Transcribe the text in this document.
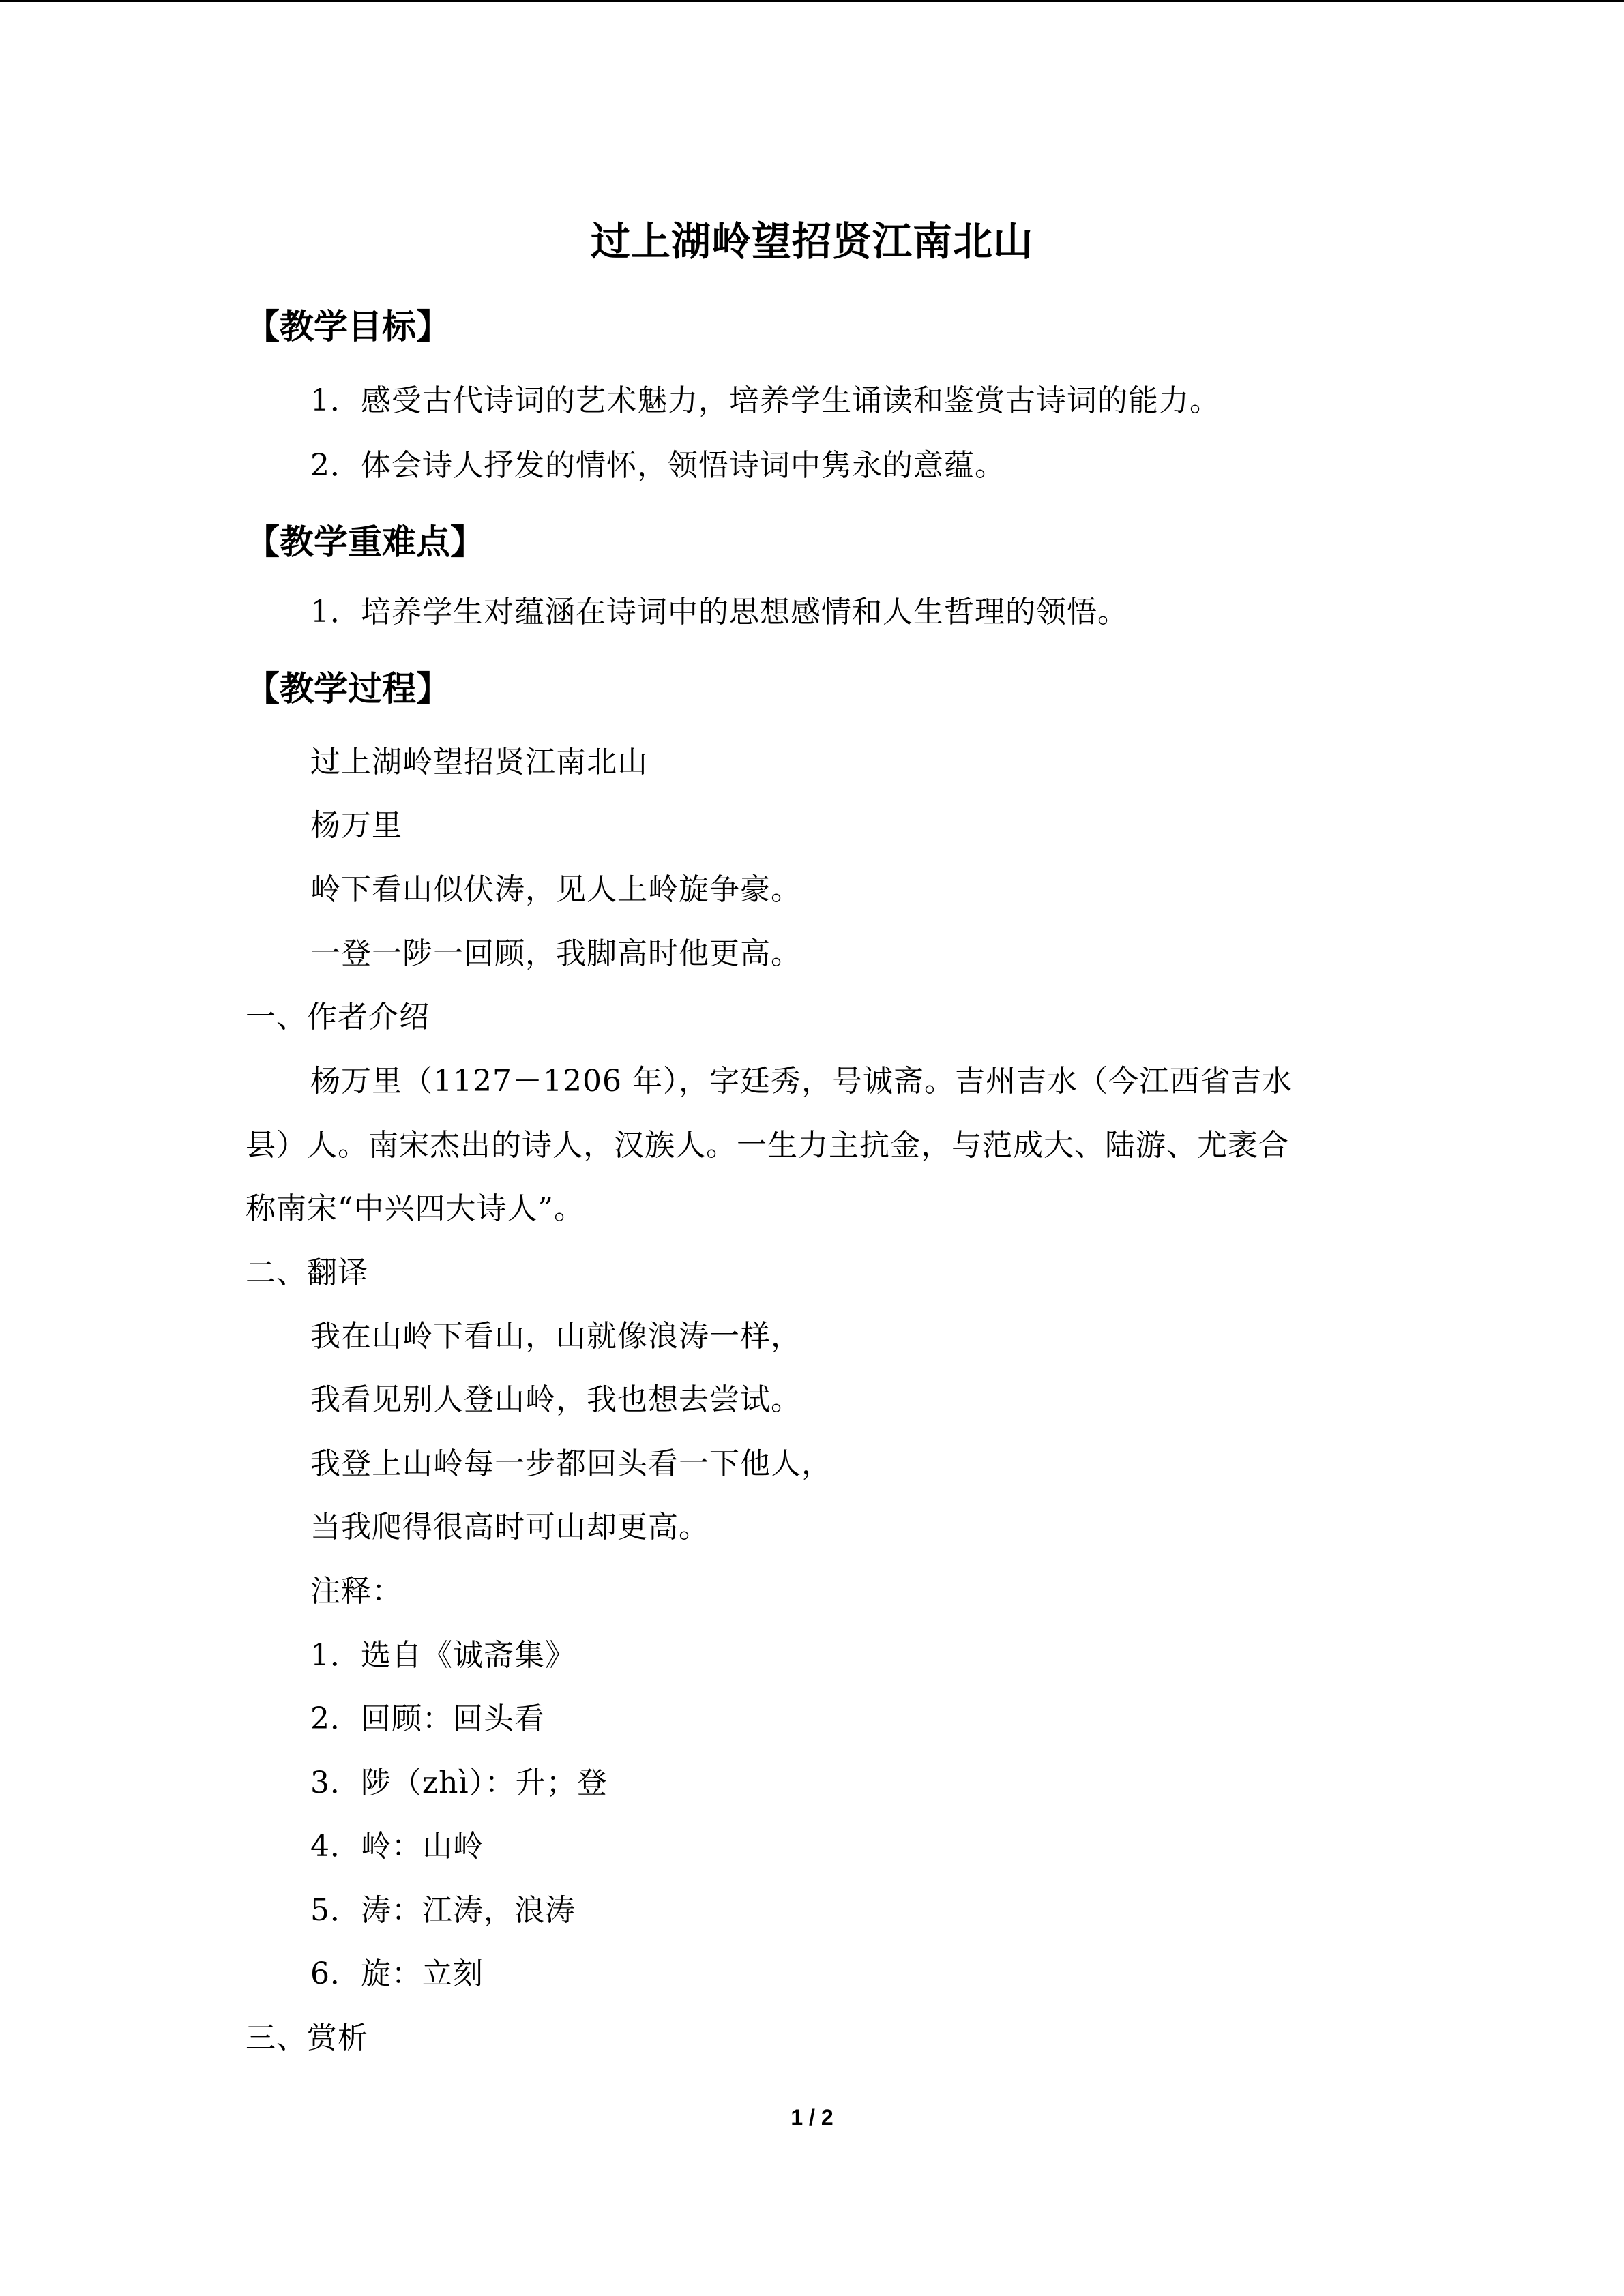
过上湖岭望招贤江南北山
【教学目标】
1．感受古代诗词的艺术魅力，培养学生诵读和鉴赏古诗词的能力。
2．体会诗人抒发的情怀，领悟诗词中隽永的意蕴。
【教学重难点】
1．培养学生对蕴涵在诗词中的思想感情和人生哲理的领悟。
【教学过程】
过上湖岭望招贤江南北山
杨万里
岭下看山似伏涛，见人上岭旋争豪。
一登一陟一回顾，我脚高时他更高。
一、作者介绍
杨万里（1127－1206 年），字廷秀，号诚斋。吉州吉水（今江西省吉水
县）人。南宋杰出的诗人，汉族人。一生力主抗金，与范成大、陆游、尤袤合
称南宋“中兴四大诗人”。
二、翻译
我在山岭下看山，山就像浪涛一样，
我看见别人登山岭，我也想去尝试。
我登上山岭每一步都回头看一下他人，
当我爬得很高时可山却更高。
注释：
1．选自《诚斋集》
2．回顾：回头看
3．陟（zhì）：升；登
4．岭：山岭
5．涛：江涛，浪涛
6．旋：立刻
三、赏析
1 / 2
